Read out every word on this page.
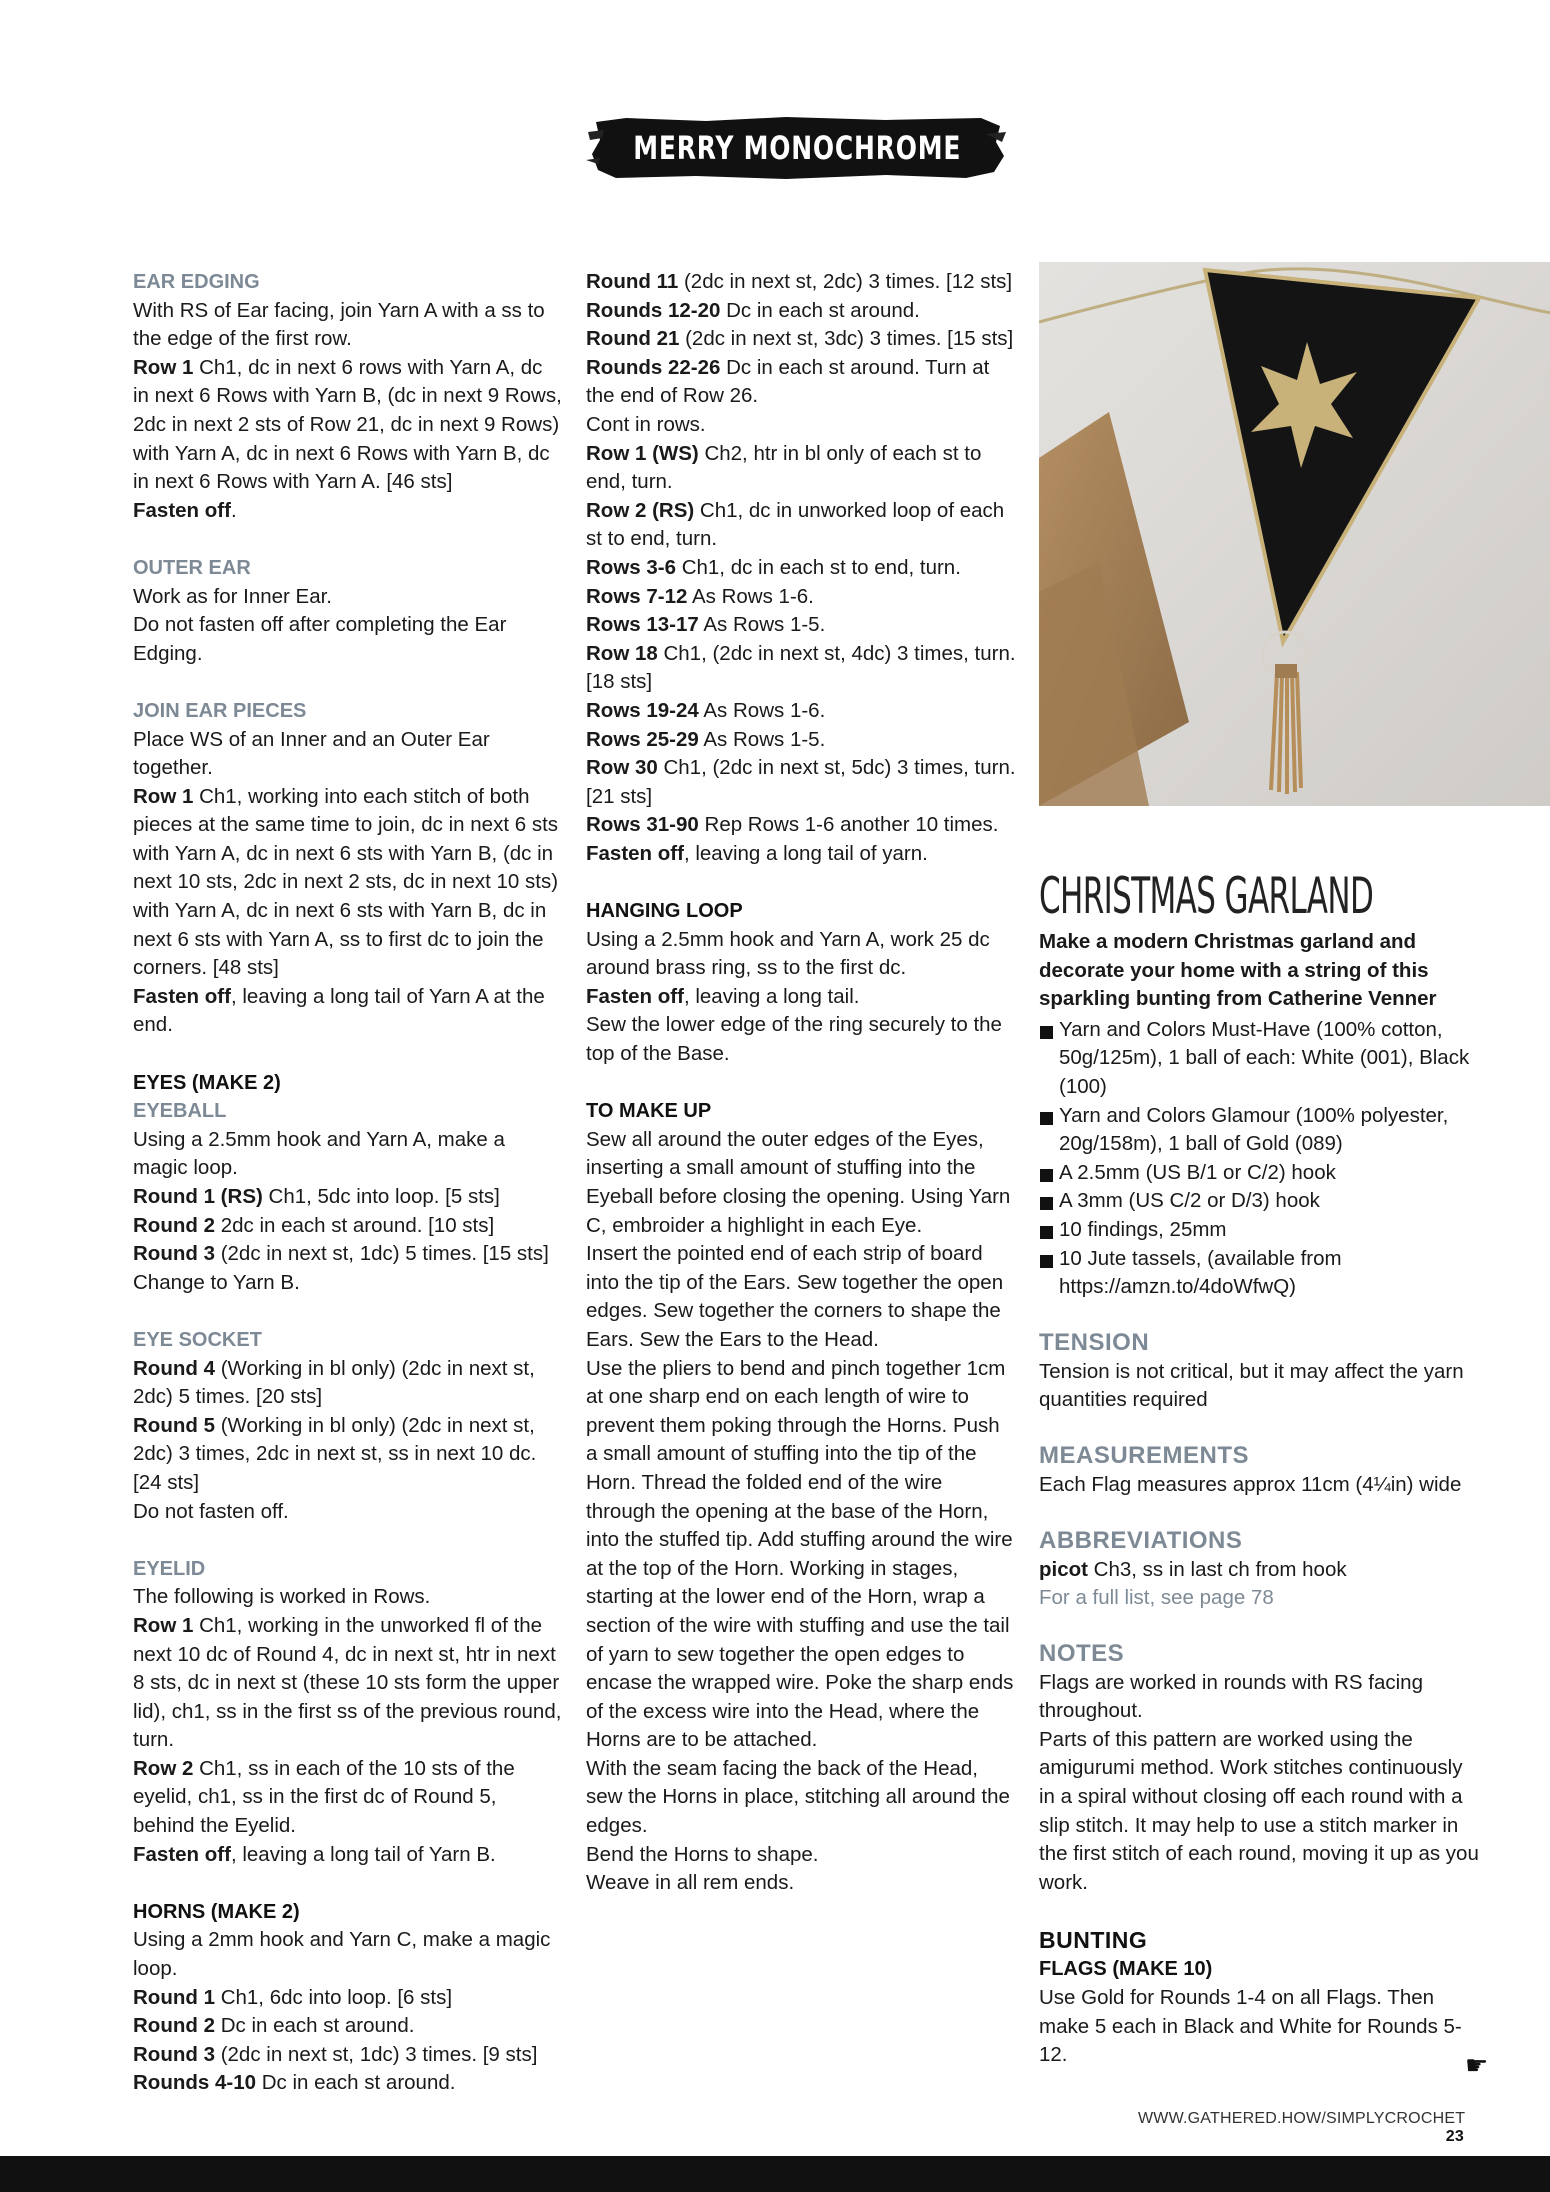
MERRY MONOCHROME
EAR EDGING
With RS of Ear facing, join Yarn A with a ss to the edge of the first row.
Row 1 Ch1, dc in next 6 rows with Yarn A, dc in next 6 Rows with Yarn B, (dc in next 9 Rows, 2dc in next 2 sts of Row 21, dc in next 9 Rows) with Yarn A, dc in next 6 Rows with Yarn B, dc in next 6 Rows with Yarn A. [46 sts]
Fasten off.
OUTER EAR
Work as for Inner Ear.
Do not fasten off after completing the Ear Edging.
JOIN EAR PIECES
Place WS of an Inner and an Outer Ear together.
Row 1 Ch1, working into each stitch of both pieces at the same time to join, dc in next 6 sts with Yarn A, dc in next 6 sts with Yarn B, (dc in next 10 sts, 2dc in next 2 sts, dc in next 10 sts) with Yarn A, dc in next 6 sts with Yarn B, dc in next 6 sts with Yarn A, ss to first dc to join the corners. [48 sts]
Fasten off, leaving a long tail of Yarn A at the end.
EYES (MAKE 2)
EYEBALL
Using a 2.5mm hook and Yarn A, make a magic loop.
Round 1 (RS) Ch1, 5dc into loop. [5 sts]
Round 2 2dc in each st around. [10 sts]
Round 3 (2dc in next st, 1dc) 5 times. [15 sts]
Change to Yarn B.
EYE SOCKET
Round 4 (Working in bl only) (2dc in next st, 2dc) 5 times. [20 sts]
Round 5 (Working in bl only) (2dc in next st, 2dc) 3 times, 2dc in next st, ss in next 10 dc. [24 sts]
Do not fasten off.
EYELID
The following is worked in Rows.
Row 1 Ch1, working in the unworked fl of the next 10 dc of Round 4, dc in next st, htr in next 8 sts, dc in next st (these 10 sts form the upper lid), ch1, ss in the first ss of the previous round, turn.
Row 2 Ch1, ss in each of the 10 sts of the eyelid, ch1, ss in the first dc of Round 5, behind the Eyelid.
Fasten off, leaving a long tail of Yarn B.
HORNS (MAKE 2)
Using a 2mm hook and Yarn C, make a magic loop.
Round 1 Ch1, 6dc into loop. [6 sts]
Round 2 Dc in each st around.
Round 3 (2dc in next st, 1dc) 3 times. [9 sts]
Rounds 4-10 Dc in each st around.
Round 11 (2dc in next st, 2dc) 3 times. [12 sts]
Rounds 12-20 Dc in each st around.
Round 21 (2dc in next st, 3dc) 3 times. [15 sts]
Rounds 22-26 Dc in each st around. Turn at the end of Row 26.
Cont in rows.
Row 1 (WS) Ch2, htr in bl only of each st to end, turn.
Row 2 (RS) Ch1, dc in unworked loop of each st to end, turn.
Rows 3-6 Ch1, dc in each st to end, turn.
Rows 7-12 As Rows 1-6.
Rows 13-17 As Rows 1-5.
Row 18 Ch1, (2dc in next st, 4dc) 3 times, turn. [18 sts]
Rows 19-24 As Rows 1-6.
Rows 25-29 As Rows 1-5.
Row 30 Ch1, (2dc in next st, 5dc) 3 times, turn. [21 sts]
Rows 31-90 Rep Rows 1-6 another 10 times.
Fasten off, leaving a long tail of yarn.
HANGING LOOP
Using a 2.5mm hook and Yarn A, work 25 dc around brass ring, ss to the first dc.
Fasten off, leaving a long tail.
Sew the lower edge of the ring securely to the top of the Base.
TO MAKE UP
Sew all around the outer edges of the Eyes, inserting a small amount of stuffing into the Eyeball before closing the opening. Using Yarn C, embroider a highlight in each Eye.
Insert the pointed end of each strip of board into the tip of the Ears. Sew together the open edges. Sew together the corners to shape the Ears. Sew the Ears to the Head.
Use the pliers to bend and pinch together 1cm at one sharp end on each length of wire to prevent them poking through the Horns. Push a small amount of stuffing into the tip of the Horn. Thread the folded end of the wire through the opening at the base of the Horn, into the stuffed tip. Add stuffing around the wire at the top of the Horn. Working in stages, starting at the lower end of the Horn, wrap a section of the wire with stuffing and use the tail of yarn to sew together the open edges to encase the wrapped wire. Poke the sharp ends of the excess wire into the Head, where the Horns are to be attached.
With the seam facing the back of the Head, sew the Horns in place, stitching all around the edges.
Bend the Horns to shape.
Weave in all rem ends.
CHRISTMAS GARLAND
Make a modern Christmas garland and decorate your home with a string of this sparkling bunting from Catherine Venner
Yarn and Colors Must-Have (100% cotton, 50g/125m), 1 ball of each: White (001), Black (100)
Yarn and Colors Glamour (100% polyester, 20g/158m), 1 ball of Gold (089)
A 2.5mm (US B/1 or C/2) hook
A 3mm (US C/2 or D/3) hook
10 findings, 25mm
10 Jute tassels, (available from https://amzn.to/4doWfwQ)
TENSION
Tension is not critical, but it may affect the yarn quantities required
MEASUREMENTS
Each Flag measures approx 11cm (4¼in) wide
ABBREVIATIONS
picot Ch3, ss in last ch from hook
For a full list, see page 78
NOTES
Flags are worked in rounds with RS facing throughout.
Parts of this pattern are worked using the amigurumi method. Work stitches continuously in a spiral without closing off each round with a slip stitch. It may help to use a stitch marker in the first stitch of each round, moving it up as you work.
BUNTING
FLAGS (MAKE 10)
Use Gold for Rounds 1-4 on all Flags. Then make 5 each in Black and White for Rounds 5-12.	☛
WWW.GATHERED.HOW/SIMPLYCROCHET 23
